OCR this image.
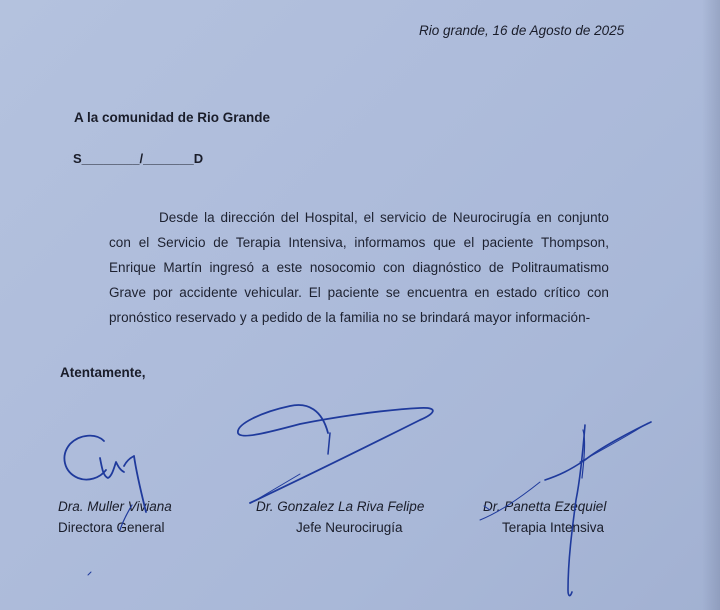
Rio grande, 16 de Agosto de 2025
A la comunidad de Rio Grande
S________/_______D
Desde la dirección del Hospital, el servicio de Neurocirugía en conjunto con el Servicio de Terapia Intensiva, informamos que el paciente Thompson, Enrique Martín ingresó a este nosocomio con diagnóstico de Politraumatismo Grave por accidente vehicular. El paciente se encuentra en estado crítico con pronóstico reservado y a pedido de la familia no se brindará mayor información-
Atentamente,
Dra. Muller Viviana
Directora General
Dr. Gonzalez La Riva Felipe
Jefe Neurocirugía
Dr. Panetta Ezequiel
Terapia Intensiva
